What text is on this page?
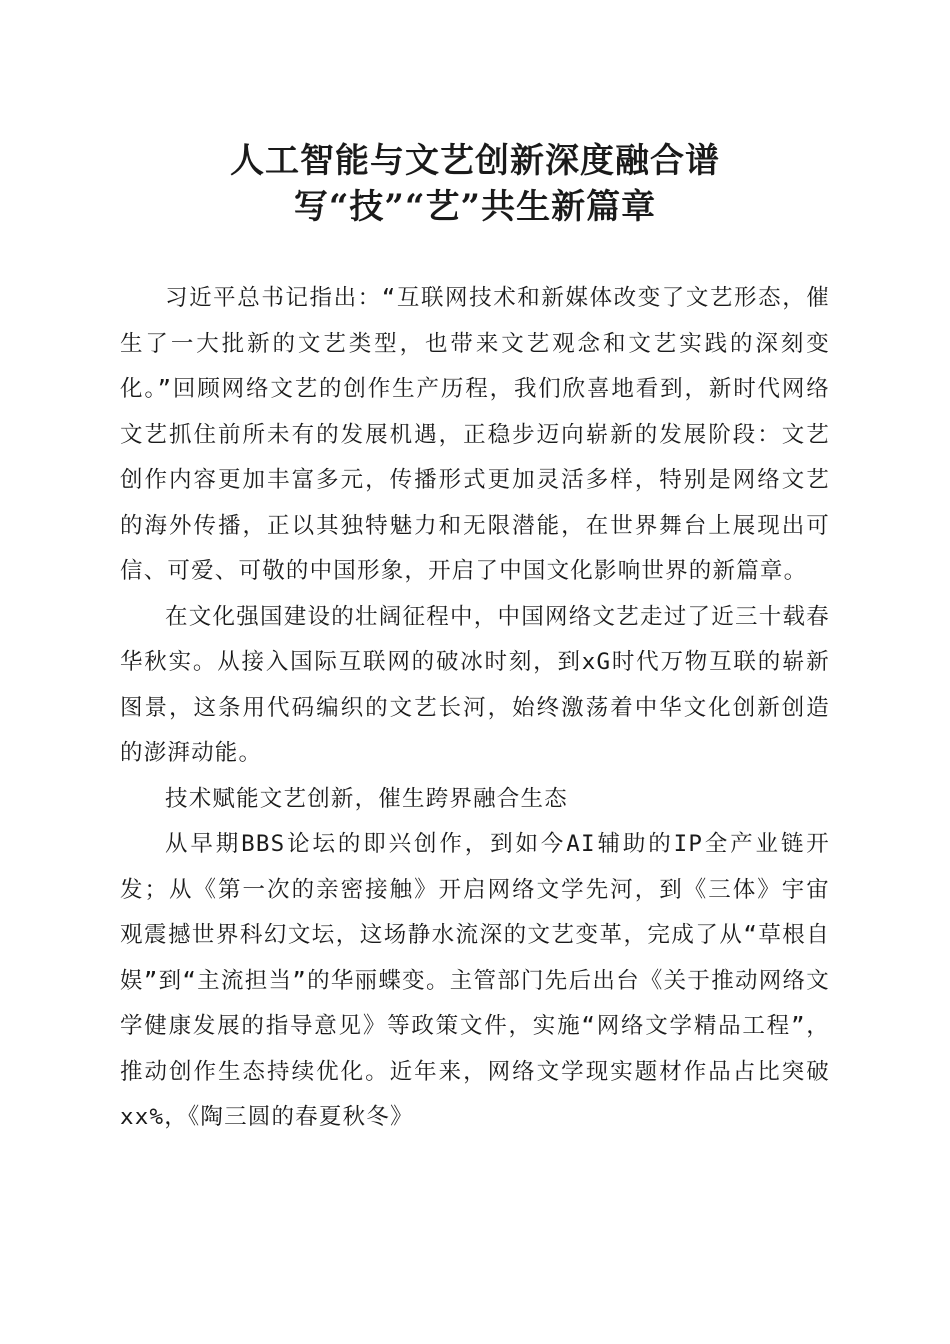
人工智能与文艺创新深度融合谱
写“技”“艺”共生新篇章

习近平总书记指出：“互联网技术和新媒体改变了文艺形态，催生了一大批新的文艺类型，也带来文艺观念和文艺实践的深刻变化。”回顾网络文艺的创作生产历程，我们欣喜地看到，新时代网络文艺抓住前所未有的发展机遇，正稳步迈向崭新的发展阶段：文艺创作内容更加丰富多元，传播形式更加灵活多样，特别是网络文艺的海外传播，正以其独特魅力和无限潜能，在世界舞台上展现出可信、可爱、可敬的中国形象，开启了中国文化影响世界的新篇章。

在文化强国建设的壮阔征程中，中国网络文艺走过了近三十载春华秋实。从接入国际互联网的破冰时刻，到xG时代万物互联的崭新图景，这条用代码编织的文艺长河，始终激荡着中华文化创新创造的澎湃动能。

技术赋能文艺创新，催生跨界融合生态

从早期BBS论坛的即兴创作，到如今AI辅助的IP全产业链开发；从《第一次的亲密接触》开启网络文学先河，到《三体》宇宙观震撼世界科幻文坛，这场静水流深的文艺变革，完成了从“草根自娱”到“主流担当”的华丽蝶变。主管部门先后出台《关于推动网络文学健康发展的指导意见》等政策文件，实施“网络文学精品工程”，推动创作生态持续优化。近年来，网络文学现实题材作品占比突破xx%，《陶三圆的春夏秋冬》
